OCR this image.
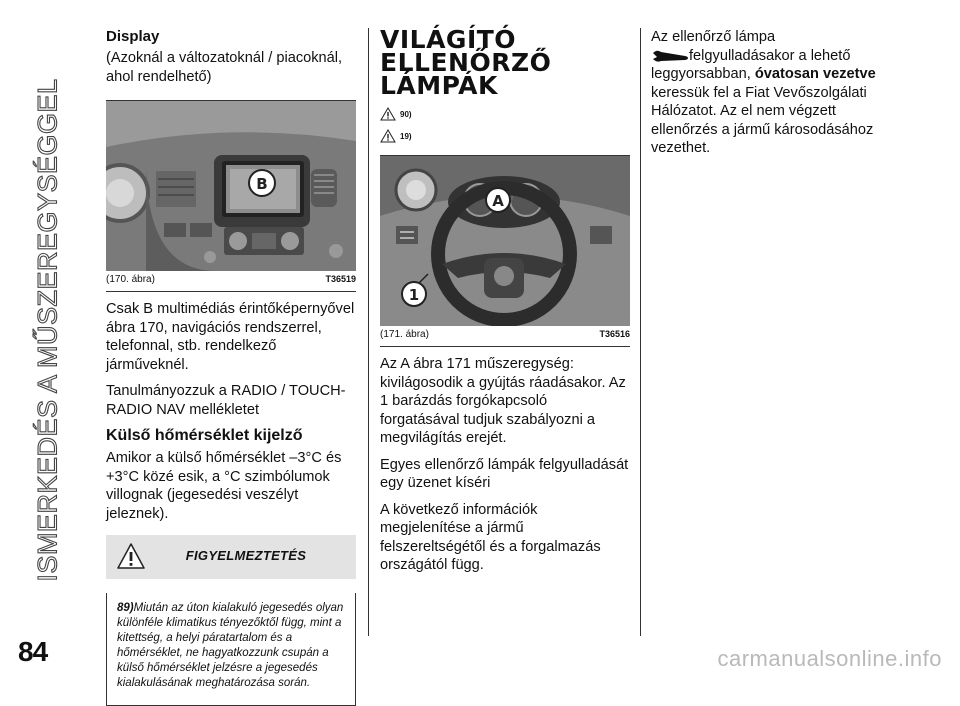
ISMERKEDÉS A MŰSZEREGYSÉGGEL
84	carmanualsonline.info
Display

(Azoknál a változatoknál / piacoknál, ahol rendelhető)

B
(170. ábra)	T36519

Csak B multimédiás érintőképernyővel ábra 170, navigációs rendszerrel, telefonnal, stb. rendelkező járműveknél.

Tanulmányozzuk a RADIO / TOUCH-RADIO NAV mellékletet

Külső hőmérséklet kijelző

Amikor a külső hőmérséklet –3°C és +3°C közé esik, a °C szimbólumok villognak (jegesedési veszélyt jeleznek).

FIGYELMEZTETÉS

89)Miután az úton kialakuló jegesedés olyan különféle klimatikus tényezőktől függ, mint a kitettség, a helyi páratartalom és a hőmérséklet, ne hagyatkozzunk csupán a külső hőmérséklet jelzésre a jegesedés kialakulásának meghatározása során.

VILÁGÍTÓ ELLENŐRZŐ LÁMPÁK
90)
19)
A
1
(171. ábra)	T36516

Az A ábra 171 műszeregység: kivilágosodik a gyújtás ráadásakor. Az 1 barázdás forgókapcsoló forgatásával tudjuk szabályozni a megvilágítás erejét.

Egyes ellenőrző lámpák felgyulladását egy üzenet kíséri

A következő információk megjelenítése a jármű felszereltségétől és a forgalmazás országától függ.

Az ellenőrző lámpa

felgyulladásakor a lehető

leggyorsabban, óvatosan vezetve

keressük fel a Fiat Vevőszolgálati Hálózatot. Az el nem végzett ellenőrzés a jármű károsodásához vezethet.
